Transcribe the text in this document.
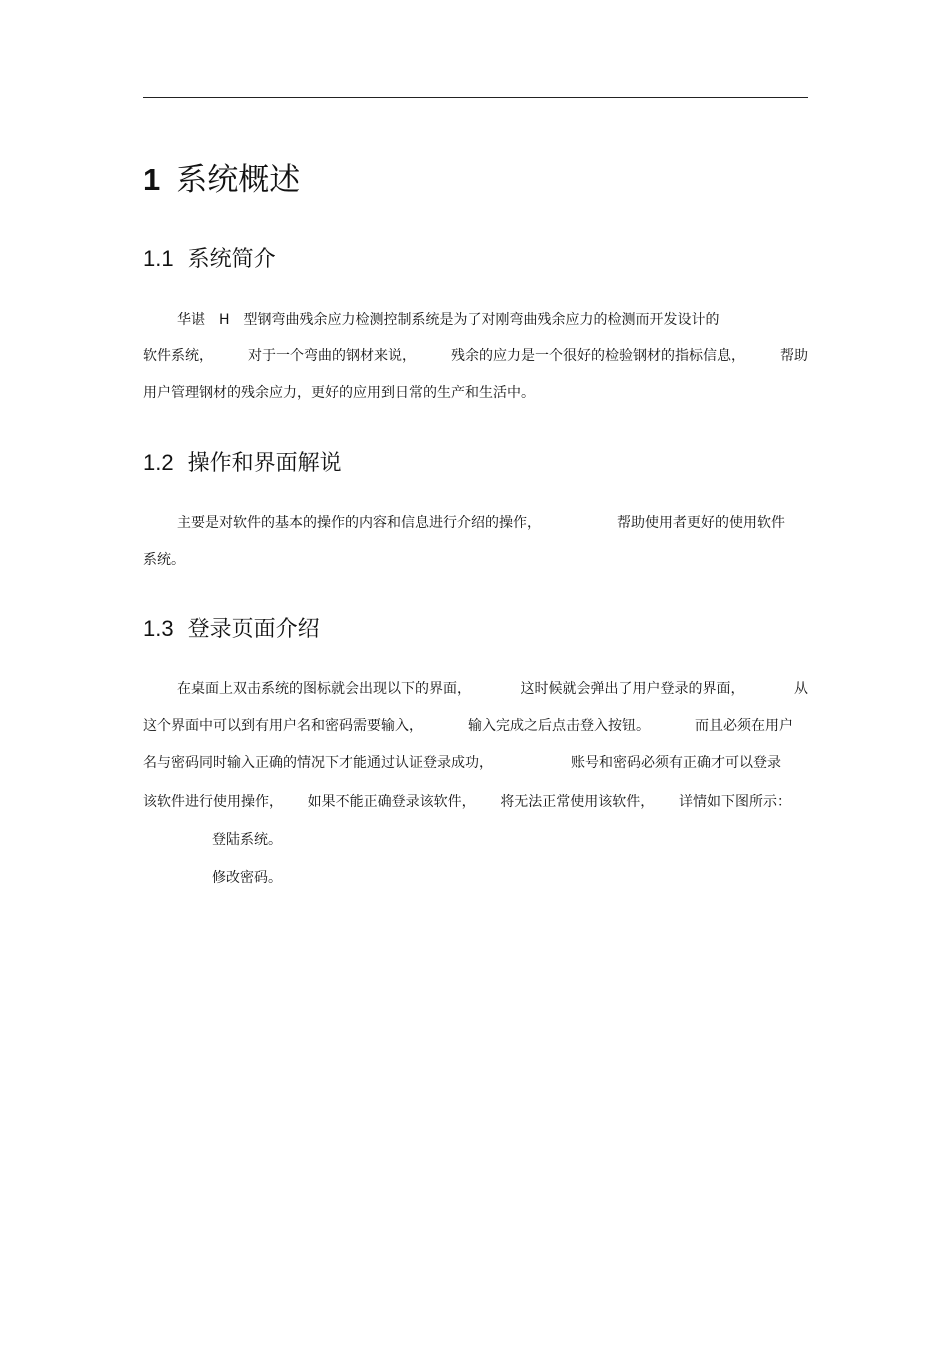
1 系统概述
1.1 系统简介

华谌　H　型钢弯曲残余应力检测控制系统是为了对刚弯曲残余应力的检测而开发设计的

软件系统，	对于一个弯曲的钢材来说，	残余的应力是一个很好的检验钢材的指标信息，	帮助

用户管理钢材的残余应力，更好的应用到日常的生产和生活中。

1.2 操作和界面解说

主要是对软件的基本的操作的内容和信息进行介绍的操作，	帮助使用者更好的使用软件

系统。

1.3 登录页面介绍

在桌面上双击系统的图标就会出现以下的界面，	这时候就会弹出了用户登录的界面，	从

这个界面中可以到有用户名和密码需要输入，	输入完成之后点击登入按钮。	而且必须在用户

名与密码同时输入正确的情况下才能通过认证登录成功，	账号和密码必须有正确才可以登录

该软件进行使用操作， 如果不能正确登录该软件， 将无法正常使用该软件， 详情如下图所示：

登陆系统。

修改密码。
